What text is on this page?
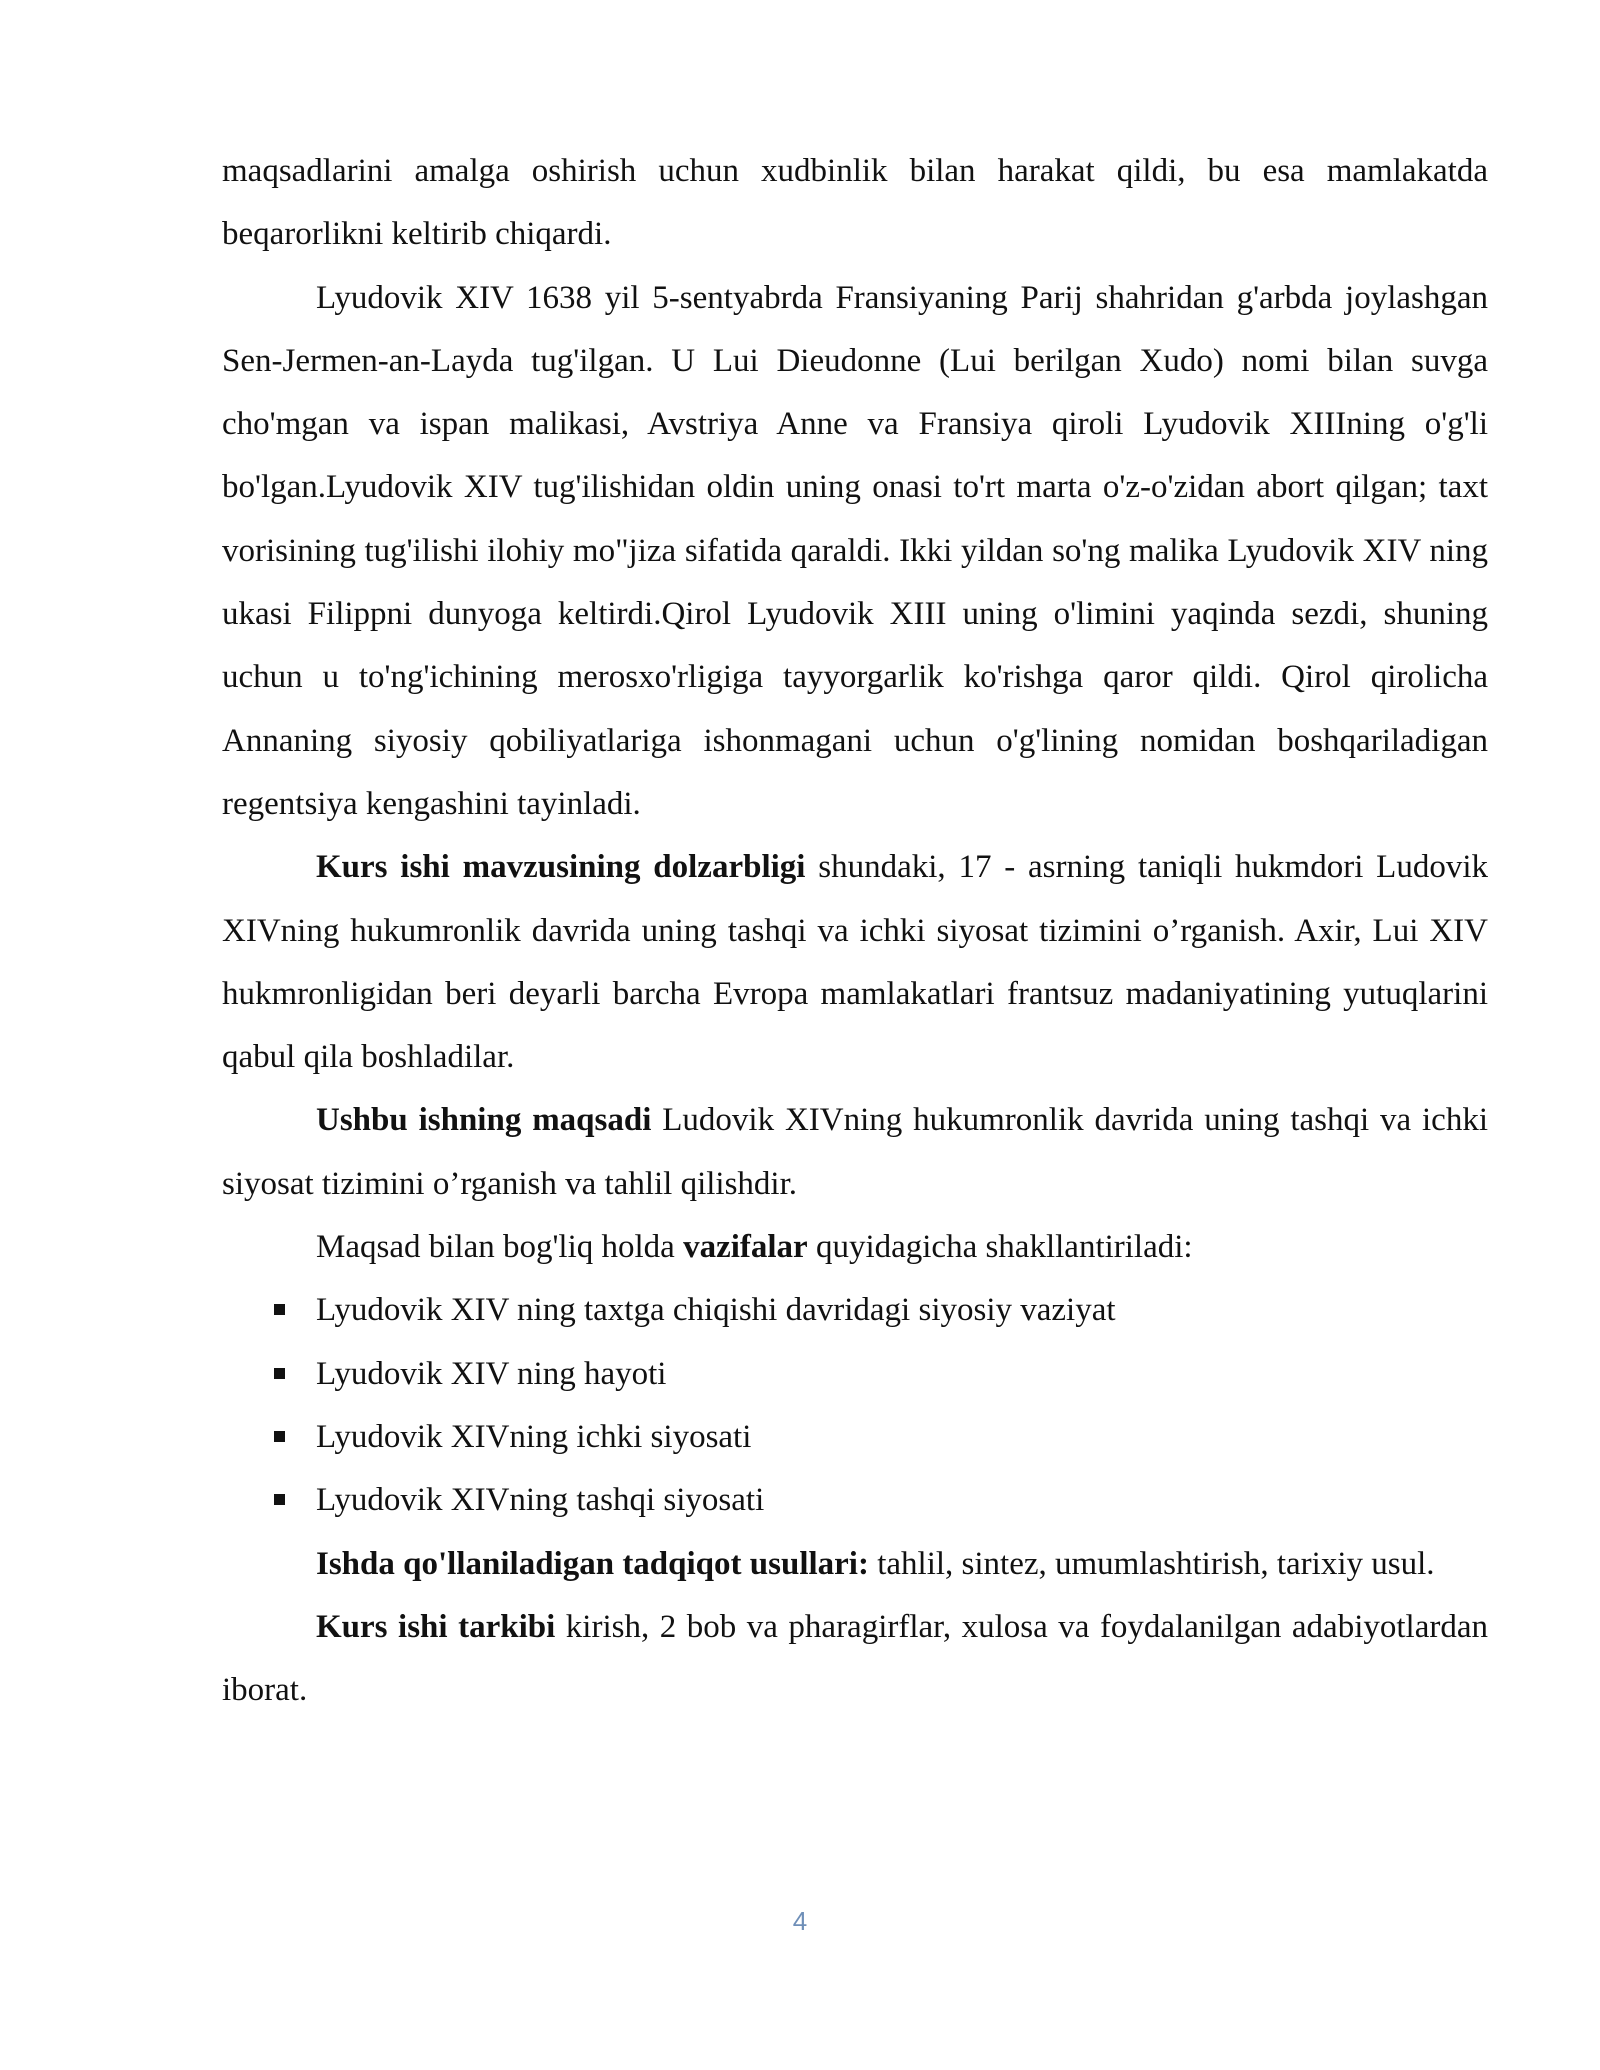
maqsadlarini amalga oshirish uchun xudbinlik bilan harakat qildi, bu esa mamlakatda beqarorlikni keltirib chiqardi.

Lyudovik XIV 1638 yil 5-sentyabrda Fransiyaning Parij shahridan g'arbda joylashgan Sen-Jermen-an-Layda tug'ilgan. U Lui Dieudonne (Lui berilgan Xudo) nomi bilan suvga cho'mgan va ispan malikasi, Avstriya Anne va Fransiya qiroli Lyudovik XIIIning o'g'li bo'lgan.Lyudovik XIV tug'ilishidan oldin uning onasi to'rt marta o'z-o'zidan abort qilgan; taxt vorisining tug'ilishi ilohiy mo"jiza sifatida qaraldi. Ikki yildan so'ng malika Lyudovik XIV ning ukasi Filippni dunyoga keltirdi.Qirol Lyudovik XIII uning o'limini yaqinda sezdi, shuning uchun u to'ng'ichining merosxo'rligiga tayyorgarlik ko'rishga qaror qildi. Qirol qirolicha Annaning siyosiy qobiliyatlariga ishonmagani uchun o'g'lining nomidan boshqariladigan regentsiya kengashini tayinladi.

Kurs ishi mavzusining dolzarbligi shundaki, 17 - asrning taniqli hukmdori Ludovik XIVning hukumronlik davrida uning tashqi va ichki siyosat tizimini o’rganish. Axir, Lui XIV hukmronligidan beri deyarli barcha Evropa mamlakatlari frantsuz madaniyatining yutuqlarini qabul qila boshladilar.

Ushbu ishning maqsadi Ludovik XIVning hukumronlik davrida uning tashqi va ichki siyosat tizimini o’rganish va tahlil qilishdir.

Maqsad bilan bog'liq holda vazifalar quyidagicha shakllantiriladi:

Lyudovik XIV ning taxtga chiqishi davridagi siyosiy vaziyat
Lyudovik XIV ning hayoti
Lyudovik XIVning ichki siyosati
Lyudovik XIVning tashqi siyosati

Ishda qo'llaniladigan tadqiqot usullari: tahlil, sintez, umumlashtirish, tarixiy usul.

Kurs ishi tarkibi kirish, 2 bob va pharagirflar, xulosa va foydalanilgan adabiyotlardan iborat.

4
